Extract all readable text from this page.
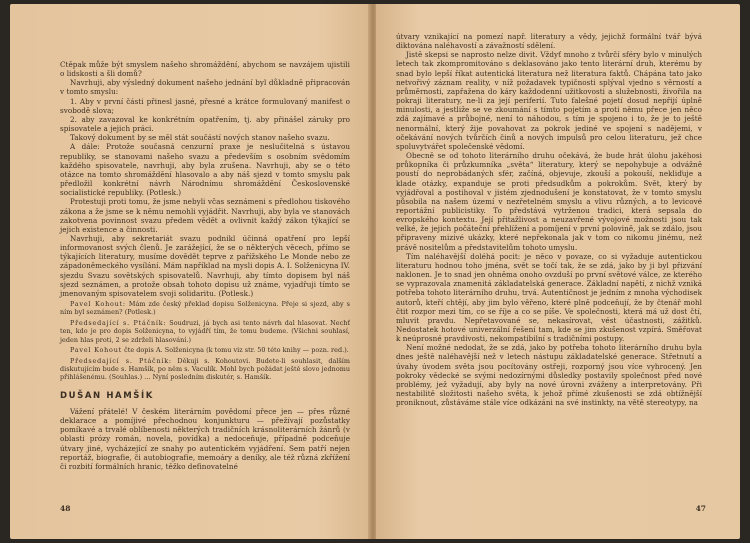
Ctěpak může být smyslem našeho shromáždění, abychom se navzájem ujistili o lidskosti a šli domů?

Navrhuji, aby výsledný dokument našeho jednání byl důkladně připracován v tomto smyslu:

1. Aby v první části přinesl jasné, přesné a krátce formulovaný manifest o svobodě slova;

2. aby zavazoval ke konkrétním opatřením, tj. aby přinášel záruky pro spisovatele a jejich práci.

Takový dokument by se měl stát součástí nových stanov našeho svazu.

A dále: Protože současná cenzurní praxe je neslučitelná s ústavou republiky, se stanovami našeho svazu a především s osobním svědomím každého spisovatele, navrhuji, aby byla zrušena. Navrhuji, aby se o této otázce na tomto shromáždění hlasovalo a aby náš sjezd v tomto smyslu pak předložil konkrétní návrh Národnímu shromáždění Československé socialistické republiky. (Potlesk.)

Protestuji proti tomu, že jsme nebyli včas seznámeni s předlohou tiskového zákona a že jsme se k němu nemohli vyjádřit. Navrhuji, aby byla ve stanovách zakotvena povinnost svazu předem vědět a ovlivnit každý zákon týkající se jejich existence a činnosti.

Navrhuji, aby sekretariát svazu podnikl účinná opatření pro lepší informovanost svých členů. Je zarážející, že se o některých věcech, přímo se týkajících literatury, musíme dovědět teprve z pařížského Le Monde nebo ze západoněmeckého vysílání. Mám například na mysli dopis A. I. Solženicyna IV. sjezdu Svazu sovětských spisovatelů. Navrhuji, aby tímto dopisem byl náš sjezd seznámen, a protože obsah tohoto dopisu už známe, vyjadřuji tímto se jmenovaným spisovatelem svoji solidaritu. (Potlesk.)

Pavel Kohout: Mám zde český překlad dopisu Solženicyna. Přeje si sjezd, aby s ním byl seznámen? (Potlesk.)

Předsedající s. Ptáčník: Soudruzi, já bych asi tento návrh dal hlasovat. Nechť ten, kdo je pro dopis Solženicyna, to vyjádří tím, že tomu budeme. (Všichni souhlasí, jeden hlas proti, 2 se zdrželi hlasování.)

Pavel Kohout čte dopis A. Solženicyna (k tomu viz str. 50 této knihy — pozn. red.).

Předsedající s. Ptáčník: Děkuji s. Kohoutovi. Budete-li souhlasit, dalším diskutujícím bude s. Hamšík, po něm s. Vaculík. Mohl bych požádat ještě slovo jednomu přihlášenému. (Souhlas.) ... Nyní posledním diskutér, s. Hamšík.

DUŠAN HAMŠÍK

Vážení přátelé! V českém literárním povědomí přece jen — přes různé deklarace a pomíjivé přechodnou konjunkturu — přežívají pozůstatky pomíkavé a trvalé oblíbenosti některých tradičních krásnoliterárních žánrů (v oblasti prózy román, novela, povídka) a nedoceňuje, případně podceňuje útvary jiné, vycházející ze snahy po autentickém vyjádření. Sem patří nejen reportáž, biografie, či autobiografie, memoáry a deníky, ale též různá zkřížení či rozbití formálních hranic, těžko definovatelné

48

útvary vznikající na pomezí např. literatury a vědy, jejichž formální tvář bývá diktována naléhavostí a závažností sdělení.

Jistě skepsi se naprosto nelze divit. Vždyť mnoho z tvůrčí sféry bylo v minulých letech tak zkompromitováno s deklasováno jako tento literární druh, kterému by snad bylo lepší říkat autentická literatura než literatura faktů. Chápána tato jako netvořivý záznam reality, v níž požadavek typičnosti splýval vjedno s věrností a průměrnosti, zapřažena do káry každodenní užitkovosti a služebnosti, živořila na pokraji literatury, ne-li za její periferií. Tuto falešné pojetí dosud nepřijí úplně minulosti, a jestliže se ve zkoumání s tímto pojetím a proti němu přece jen něco zdá zajímavé a průbojné, není to náhodou, s tím je spojeno i to, že je to ještě nenormální, který žije povahovat za pokrok jediné ve spojení s nadějemi, v očekávání nových tvůrčích činů a nových impulsů pro celou literaturu, jež chce spoluvytvářet společenské vědomí.

Obecně se od tohoto literárního druhu očekává, že bude hrát úlohu jakéhosi průkopníka či průzkumníka „světa“ literatury, který se nepohybuje a odvážně poustí do neprobádaných sfér, začíná, objevuje, zkouší a pokouší, nekliďuje a klade otázky, expanduje se proti předsudkům a pokrokům. Svět, který by vyjádřoval a postihoval v jistém zjednodušení je konstatovat, že v tomto smyslu působila na našem území v nezřetelném smyslu a vlivu různých, a to levicové reportážní publicistiky. To předstává vytrženou tradici, která sepsala do evropského kontextu. Její přitažlivost a neuzavřené vývojové možnosti jsou tak velké, že jejich počáteční přehlížení a pomíjení v první polovině, jak se zdálo, jsou připraveny mizivé ukázky, které nepřekonala jak v tom co nikomu jinému, než právě nositelům a představitelům tohoto umyslu.

Tím naléhavější doléhá pocit: je něco v povaze, co si vyžaduje autentickou literaturu hodnou toho jména, svět se točí tak, že se zdá, jako by ji byl přizvání naklonen. Je to snad jen ohněma onoho ovzduší po první světové válce, ze kterého se vyprazovala znamenitá základatelská generace. Základní napětí, z nichž vzniká potřeba tohoto literárního druhu, trvá. Autentičnost je jedním z mnoha východisek autorů, kteří chtějí, aby jim bylo věřeno, které plně podceňují, že by čtenář mohl čtit rozpor mezi tím, co se říje a co se píše. Ve společnosti, která má už dost čtí, mluvit pravdu. Nepřetavované se, nekasírovat, vést účastnosti, zážitků. Nedostatek hotové univerzální řešení tam, kde se jim zkušenost vzpírá. Směřovat k neúprosné pravdivosti, nekompatibilní s tradičními postupy.

Není možné nedodat, že se zdá, jako by potřeba tohoto literárního druhu byla dnes ještě naléhavější než v letech nástupu základatelské generace. Střetnutí a úvahy úvodem světa jsou pocítovány ostřeji, rozporný jsou více vyhrocený. Jen pokroky vědecké se svými nedozírnými důsledky postavily společnost před nové problémy, jež vyžadují, aby byly na nové úrovni zváženy a interpretovány. Při nestabilitě složitosti našeho světa, k jehož přímé zkušenosti se zdá obtížnější proniknout, zůstáváme stále více odkázáni na své instinkty, na větě stereotypy, na

47
